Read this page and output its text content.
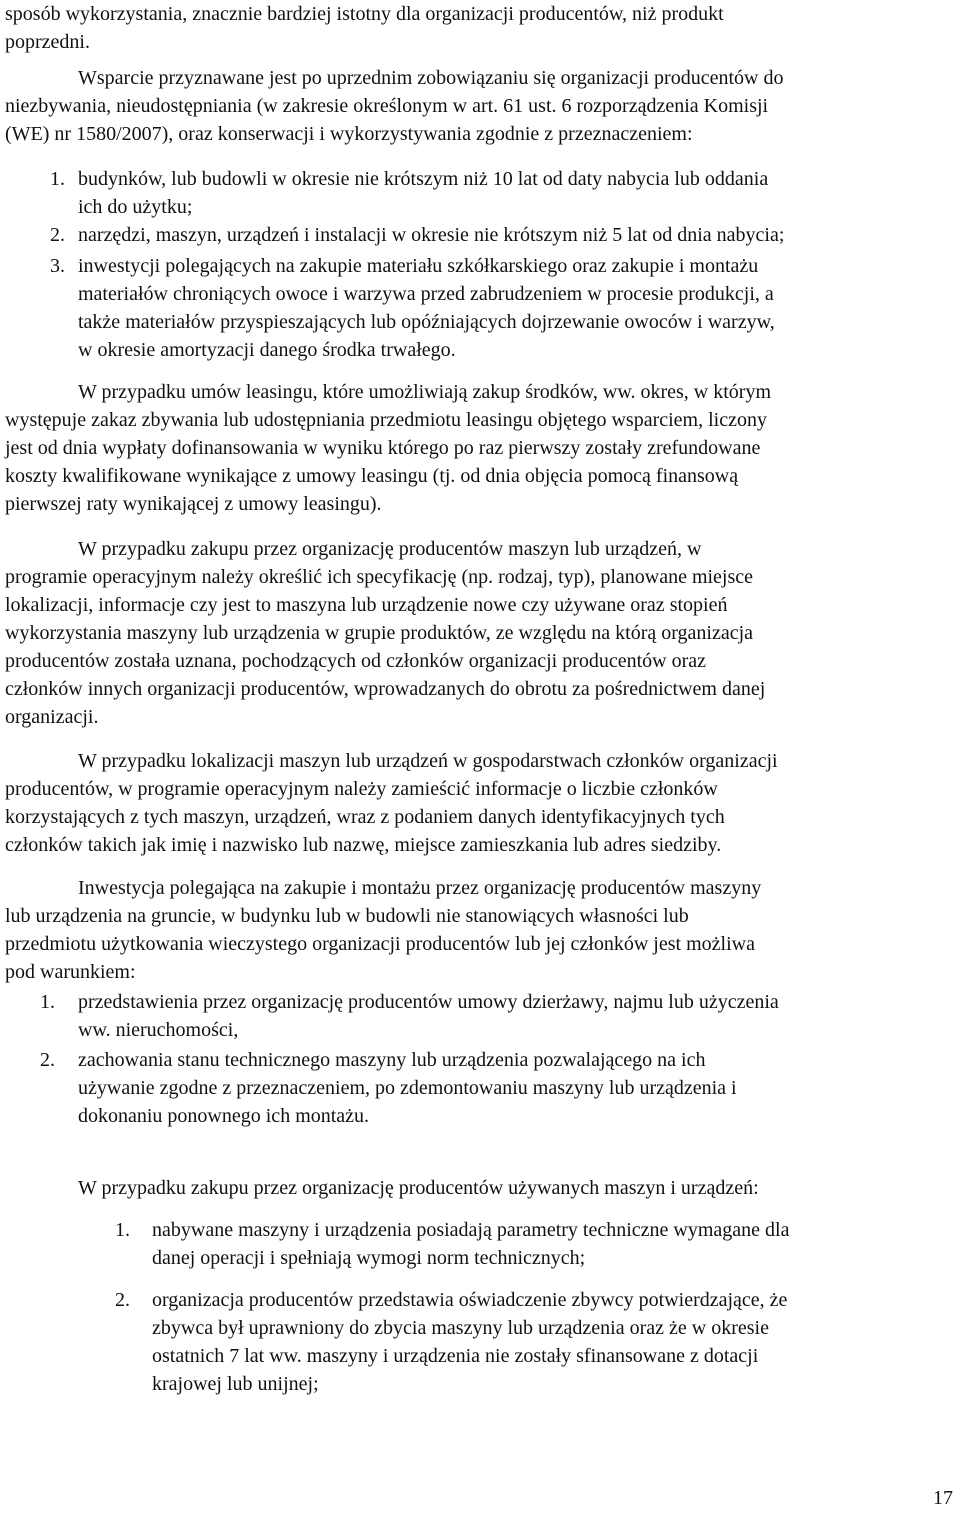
sposób wykorzystania, znacznie bardziej istotny dla organizacji producentów, niż produkt
poprzedni.
Wsparcie przyznawane jest po uprzednim zobowiązaniu się organizacji producentów do
niezbywania, nieudostępniania (w zakresie określonym w art. 61 ust. 6 rozporządzenia Komisji
(WE) nr 1580/2007), oraz konserwacji i wykorzystywania zgodnie z przeznaczeniem:
1. budynków, lub budowli w okresie nie krótszym niż 10 lat od daty nabycia lub oddania
ich do użytku;
2. narzędzi, maszyn, urządzeń i instalacji w okresie nie krótszym niż 5 lat od dnia nabycia;
3. inwestycji polegających na zakupie materiału szkółkarskiego oraz zakupie i montażu
materiałów chroniących owoce i warzywa przed zabrudzeniem w procesie produkcji, a
także materiałów przyspieszających lub opóźniających dojrzewanie owoców i warzyw,
w okresie amortyzacji danego środka trwałego.
W przypadku umów leasingu, które umożliwiają zakup środków, ww. okres, w którym
występuje zakaz zbywania lub udostępniania przedmiotu leasingu objętego wsparciem, liczony
jest od dnia wypłaty dofinansowania w wyniku którego po raz pierwszy zostały zrefundowane
koszty kwalifikowane wynikające z umowy leasingu (tj. od dnia objęcia pomocą finansową
pierwszej raty wynikającej z umowy leasingu).
W przypadku zakupu przez organizację producentów maszyn lub urządzeń, w
programie operacyjnym należy określić ich specyfikację (np. rodzaj, typ), planowane miejsce
lokalizacji, informacje czy jest to maszyna lub urządzenie nowe czy używane oraz stopień
wykorzystania maszyny lub urządzenia w grupie produktów, ze względu na którą organizacja
producentów została uznana, pochodzących od członków organizacji producentów oraz
członków innych organizacji producentów, wprowadzanych do obrotu za pośrednictwem danej
organizacji.
W przypadku lokalizacji maszyn lub urządzeń w gospodarstwach członków organizacji
producentów, w programie operacyjnym należy zamieścić informacje o liczbie członków
korzystających z tych maszyn, urządzeń, wraz z podaniem danych identyfikacyjnych tych
członków takich jak imię i nazwisko lub nazwę, miejsce zamieszkania lub adres siedziby.
Inwestycja polegająca na zakupie i montażu przez organizację producentów maszyny
lub urządzenia na gruncie, w budynku lub w budowli nie stanowiących własności lub
przedmiotu użytkowania wieczystego organizacji producentów lub jej członków jest możliwa
pod warunkiem:
1. przedstawienia przez organizację producentów umowy dzierżawy, najmu lub użyczenia
ww. nieruchomości,
2. zachowania stanu technicznego maszyny lub urządzenia pozwalającego na ich
używanie zgodne z przeznaczeniem, po zdemontowaniu maszyny lub urządzenia i
dokonaniu ponownego ich montażu.
W przypadku zakupu przez organizację producentów używanych maszyn i urządzeń:
1. nabywane maszyny i urządzenia posiadają parametry techniczne wymagane dla
danej operacji i spełniają wymogi norm technicznych;
2. organizacja producentów przedstawia oświadczenie zbywcy potwierdzające, że
zbywca był uprawniony do zbycia maszyny lub urządzenia oraz że w okresie
ostatnich 7 lat ww. maszyny i urządzenia nie zostały sfinansowane z dotacji
krajowej lub unijnej;
17
